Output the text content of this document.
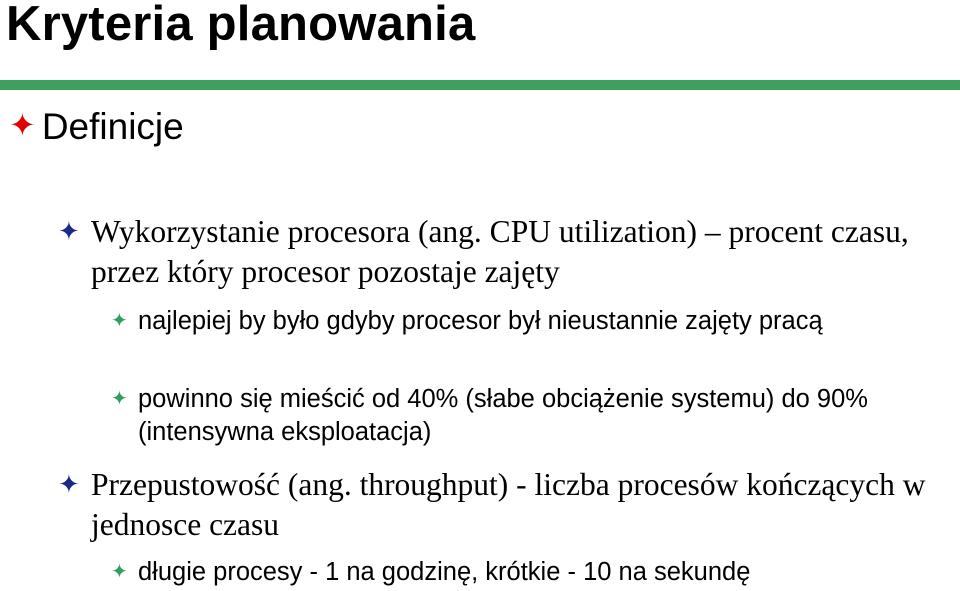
Kryteria planowania
✦ Definicje
✦ Wykorzystanie procesora (ang. CPU utilization) – procent czasu, przez który procesor pozostaje zajęty
✦ najlepiej by było gdyby procesor był nieustannie zajęty pracą
✦ powinno się mieścić od 40% (słabe obciążenie systemu) do 90% (intensywna eksploatacja)
✦ Przepustowość (ang. throughput) - liczba procesów kończących w jednosce czasu
✦ długie procesy - 1 na godzinę, krótkie - 10 na sekundę
